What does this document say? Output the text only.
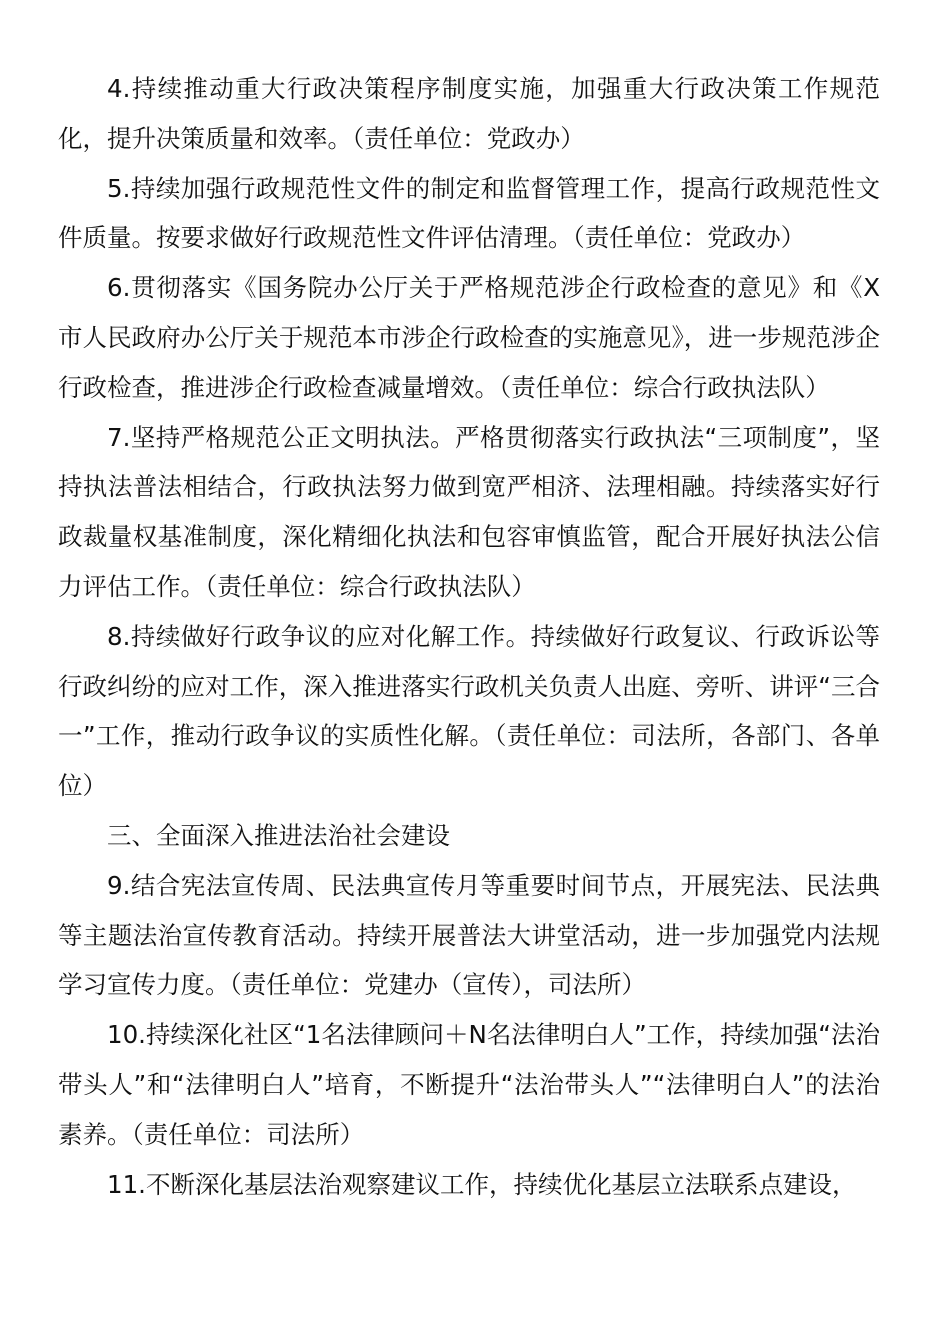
4.持续推动重大行政决策程序制度实施，加强重大行政决策工作规范化，提升决策质量和效率。（责任单位：党政办）

5.持续加强行政规范性文件的制定和监督管理工作，提高行政规范性文件质量。按要求做好行政规范性文件评估清理。（责任单位：党政办）

6.贯彻落实《国务院办公厅关于严格规范涉企行政检查的意见》和《X市人民政府办公厅关于规范本市涉企行政检查的实施意见》，进一步规范涉企行政检查，推进涉企行政检查减量增效。（责任单位：综合行政执法队）

7.坚持严格规范公正文明执法。严格贯彻落实行政执法“三项制度”，坚持执法普法相结合，行政执法努力做到宽严相济、法理相融。持续落实好行政裁量权基准制度，深化精细化执法和包容审慎监管，配合开展好执法公信力评估工作。（责任单位：综合行政执法队）

8.持续做好行政争议的应对化解工作。持续做好行政复议、行政诉讼等行政纠纷的应对工作，深入推进落实行政机关负责人出庭、旁听、讲评“三合一”工作，推动行政争议的实质性化解。（责任单位：司法所，各部门、各单位）

三、全面深入推进法治社会建设

9.结合宪法宣传周、民法典宣传月等重要时间节点，开展宪法、民法典等主题法治宣传教育活动。持续开展普法大讲堂活动，进一步加强党内法规学习宣传力度。（责任单位：党建办（宣传），司法所）

10.持续深化社区“1名法律顾问＋N名法律明白人”工作，持续加强“法治带头人”和“法律明白人”培育，不断提升“法治带头人”“法律明白人”的法治素养。（责任单位：司法所）

11.不断深化基层法治观察建议工作，持续优化基层立法联系点建设，
